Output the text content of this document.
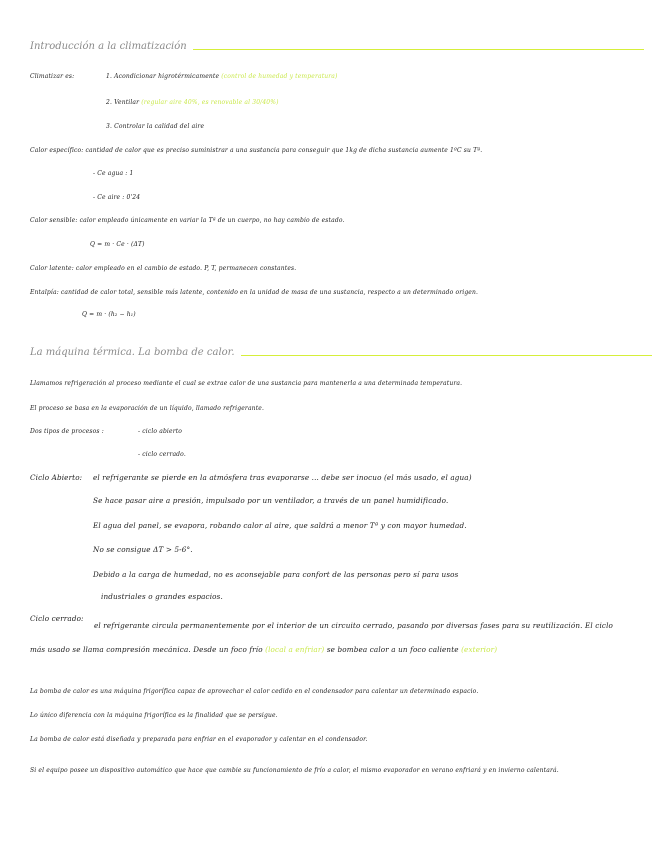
Introducción a la climatización
Climatizar es:	1. Acondicionar higrotérmicamente (control de humedad y temperatura)
2. Ventilar (regular aire 40%, es renovable al 30/40%)
3. Controlar la calidad del aire
Calor específico: cantidad de calor que es preciso suministrar a una sustancia para conseguir que 1kg de dicha sustancia aumente 1ºC su Tª.
- Ce agua : 1
- Ce aire : 0'24
Calor sensible: calor empleado únicamente en variar la Tª de un cuerpo, no hay cambio de estado.
Q = m · Ce · (ΔT)
Calor latente: calor empleado en el cambio de estado. P, T, permanecen constantes.
Entalpía: cantidad de calor total, sensible más latente, contenido en la unidad de masa de una sustancia, respecto a un determinado origen.
Q = m · (h₂ − h₁)
La máquina térmica. La bomba de calor.
Llamamos refrigeración al proceso mediante el cual se extrae calor de una sustancia para mantenerla a una determinada temperatura.
El proceso se basa en la evaporación de un líquido, llamado refrigerante.
Dos tipos de procesos :	- ciclo abierto
- ciclo cerrado.
Ciclo Abierto: el refrigerante se pierde en la atmósfera tras evaporarse ... debe ser inocuo (el más usado, el agua)
Se hace pasar aire a presión, impulsado por un ventilador, a través de un panel humidificado.
El agua del panel, se evapora, robando calor al aire, que saldrá a menor Tª y con mayor humedad.
No se consigue ΔT > 5-6°.
Debido a la carga de humedad, no es aconsejable para confort de las personas pero sí para usos
industriales o grandes espacios.
Ciclo cerrado:
el refrigerante circula permanentemente por el interior de un circuito cerrado, pasando por diversas fases para su reutilización. El ciclo más usado se llama compresión mecánica. Desde un foco frío (local a enfriar) se bombea calor a un foco caliente (exterior)
La bomba de calor es una máquina frigorífica capaz de aprovechar el calor cedido en el condensador para calentar un determinado espacio.
Lo único diferencia con la máquina frigorífica es la finalidad que se persigue.
La bomba de calor está diseñada y preparada para enfriar en el evaporador y calentar en el condensador.
Si el equipo posee un dispositivo automático que hace que cambie su funcionamiento de frío a calor, el mismo evaporador en verano enfriará y en invierno calentará.
